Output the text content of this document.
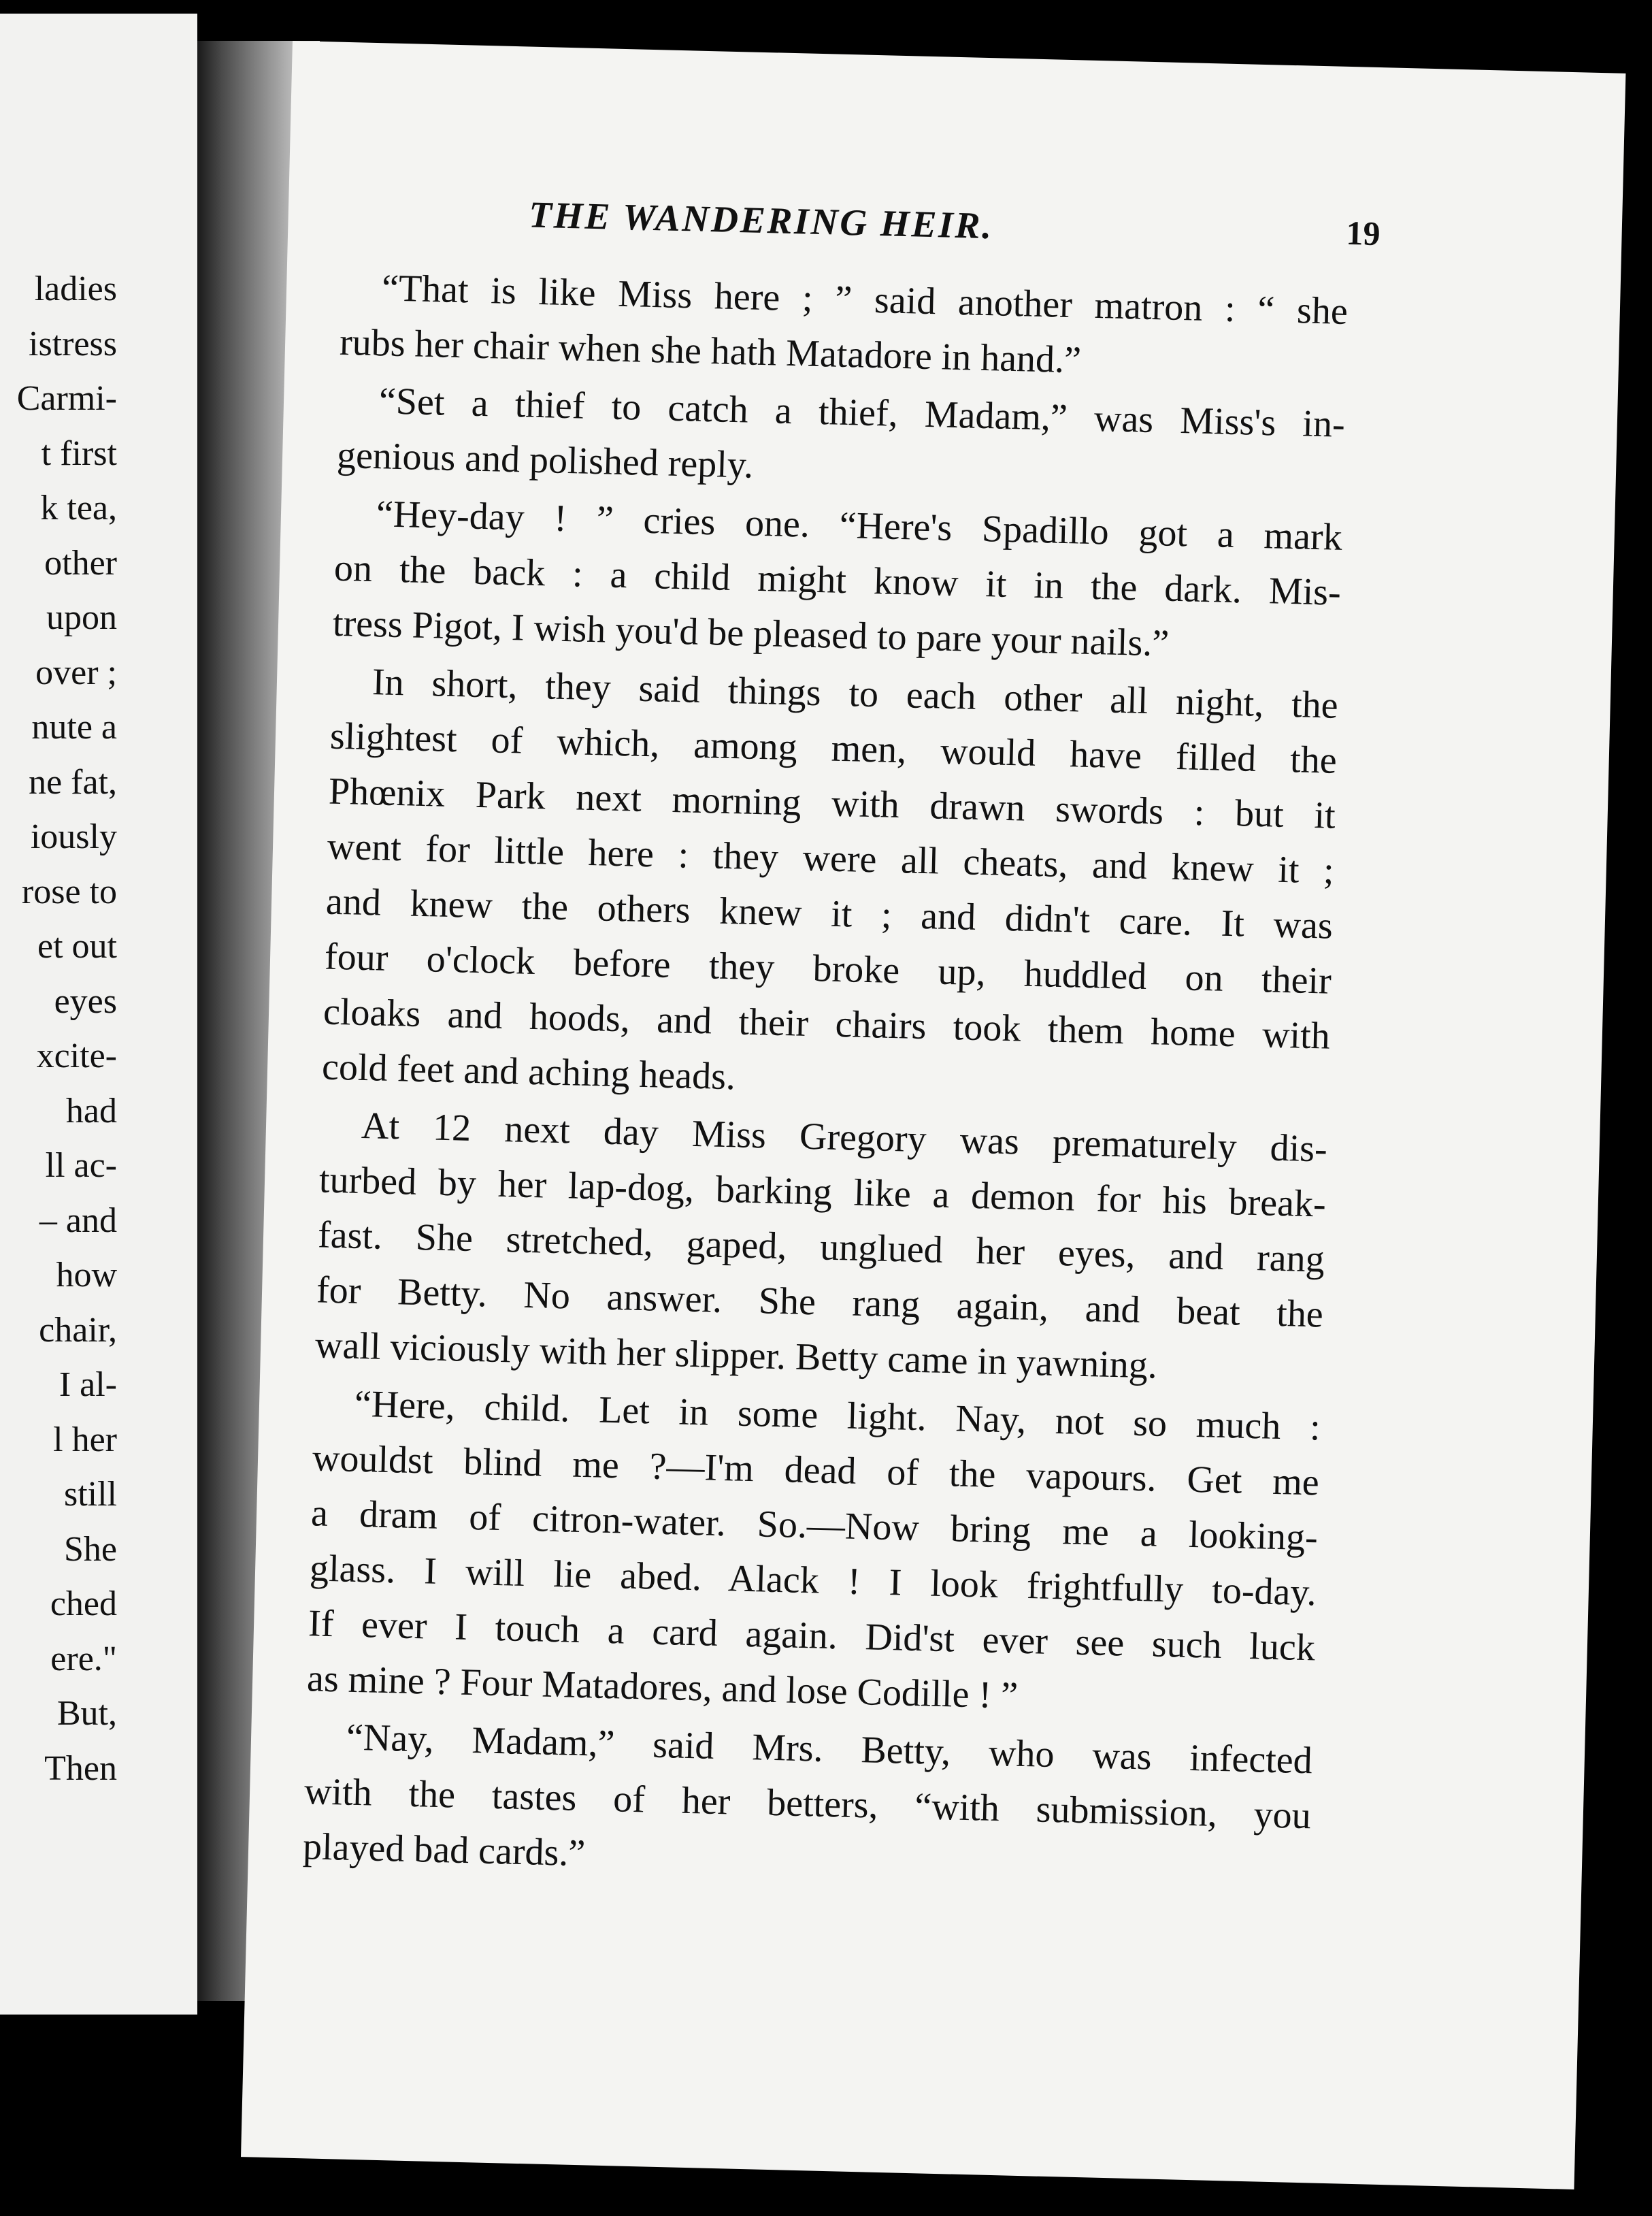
ladies
istress
Carmi-
t first
k tea,
other
upon
over ;
nute a
ne fat,
iously
rose to
et out
eyes
xcite-
had
ll ac-
– and
how
chair,
I al-
l her
still
She
ched
ere."
But,
Then
THE WANDERING HEIR.	19
“That is like Miss here ; ” said another matron : “ she
rubs her chair when she hath Matadore in hand.”
“Set a thief to catch a thief, Madam,” was Miss's in-
genious and polished reply.
“Hey-day ! ” cries one. “Here's Spadillo got a mark
on the back : a child might know it in the dark. Mis-
tress Pigot, I wish you'd be pleased to pare your nails.”
In short, they said things to each other all night, the
slightest of which, among men, would have filled the
Phœnix Park next morning with drawn swords : but it
went for little here : they were all cheats, and knew it ;
and knew the others knew it ; and didn't care. It was
four o'clock before they broke up, huddled on their
cloaks and hoods, and their chairs took them home with
cold feet and aching heads.
At 12 next day Miss Gregory was prematurely dis-
turbed by her lap-dog, barking like a demon for his break-
fast. She stretched, gaped, unglued her eyes, and rang
for Betty. No answer. She rang again, and beat the
wall viciously with her slipper. Betty came in yawning.
“Here, child. Let in some light. Nay, not so much :
wouldst blind me ?—I'm dead of the vapours. Get me
a dram of citron-water. So.—Now bring me a looking-
glass. I will lie abed. Alack ! I look frightfully to-day.
If ever I touch a card again. Did'st ever see such luck
as mine ? Four Matadores, and lose Codille ! ”
“Nay, Madam,” said Mrs. Betty, who was infected
with the tastes of her betters, “with submission, you
played bad cards.”
